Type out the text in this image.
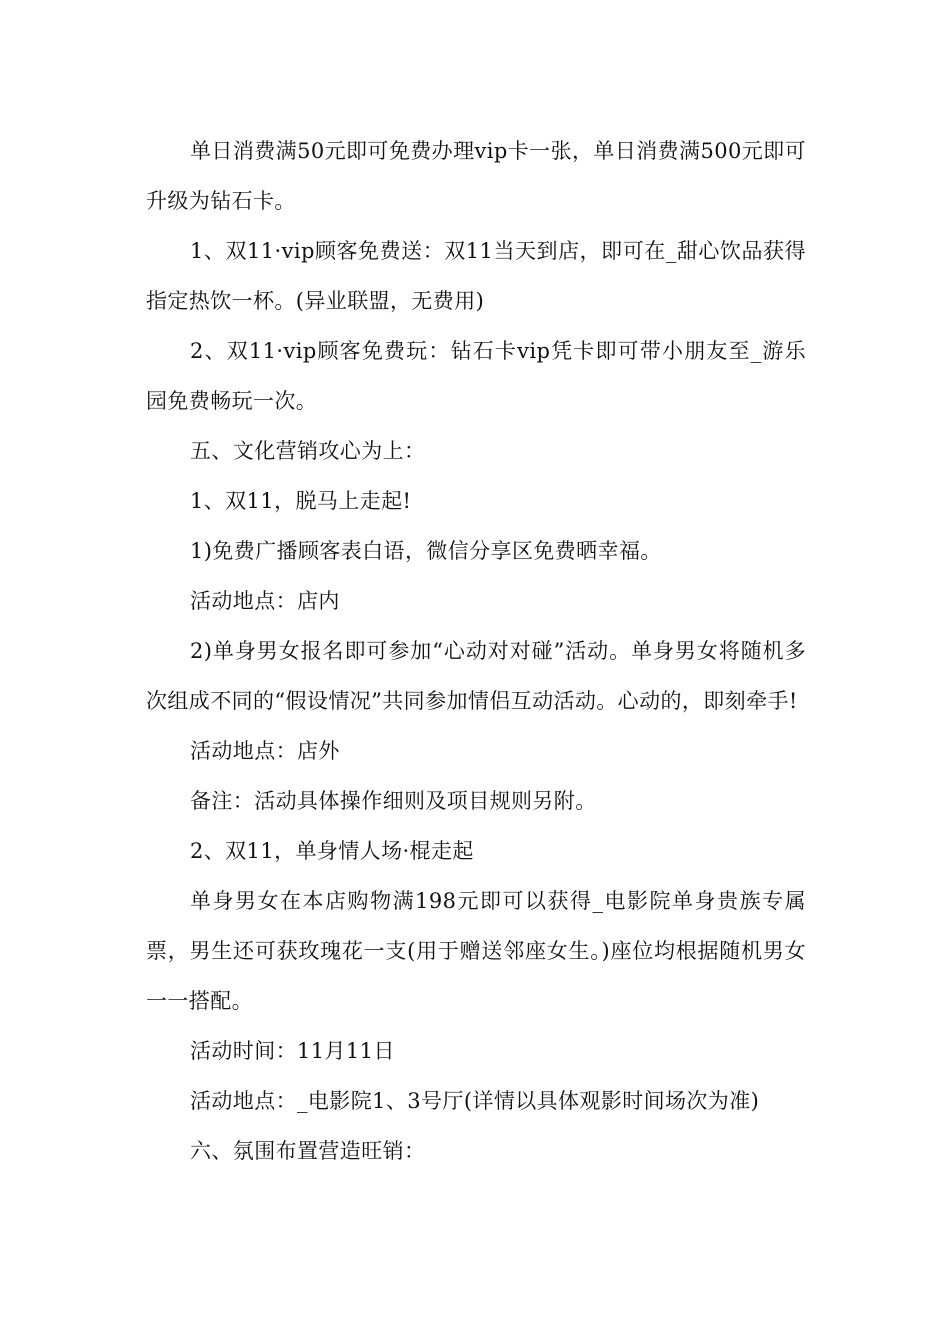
单日消费满50元即可免费办理vip卡一张，单日消费满500元即可升级为钻石卡。

1、双11·vip顾客免费送：双11当天到店，即可在_甜心饮品获得指定热饮一杯。(异业联盟，无费用)

2、双11·vip顾客免费玩：钻石卡vip凭卡即可带小朋友至_游乐园免费畅玩一次。

五、文化营销攻心为上：

1、双11，脱马上走起!

1)免费广播顾客表白语，微信分享区免费晒幸福。

活动地点：店内

2)单身男女报名即可参加“心动对对碰”活动。单身男女将随机多次组成不同的“假设情况”共同参加情侣互动活动。心动的，即刻牵手!

活动地点：店外

备注：活动具体操作细则及项目规则另附。

2、双11，单身情人场·棍走起

单身男女在本店购物满198元即可以获得_电影院单身贵族专属票，男生还可获玫瑰花一支(用于赠送邻座女生。)座位均根据随机男女一一搭配。

活动时间：11月11日

活动地点：_电影院1、3号厅(详情以具体观影时间场次为准)

六、氛围布置营造旺销：
